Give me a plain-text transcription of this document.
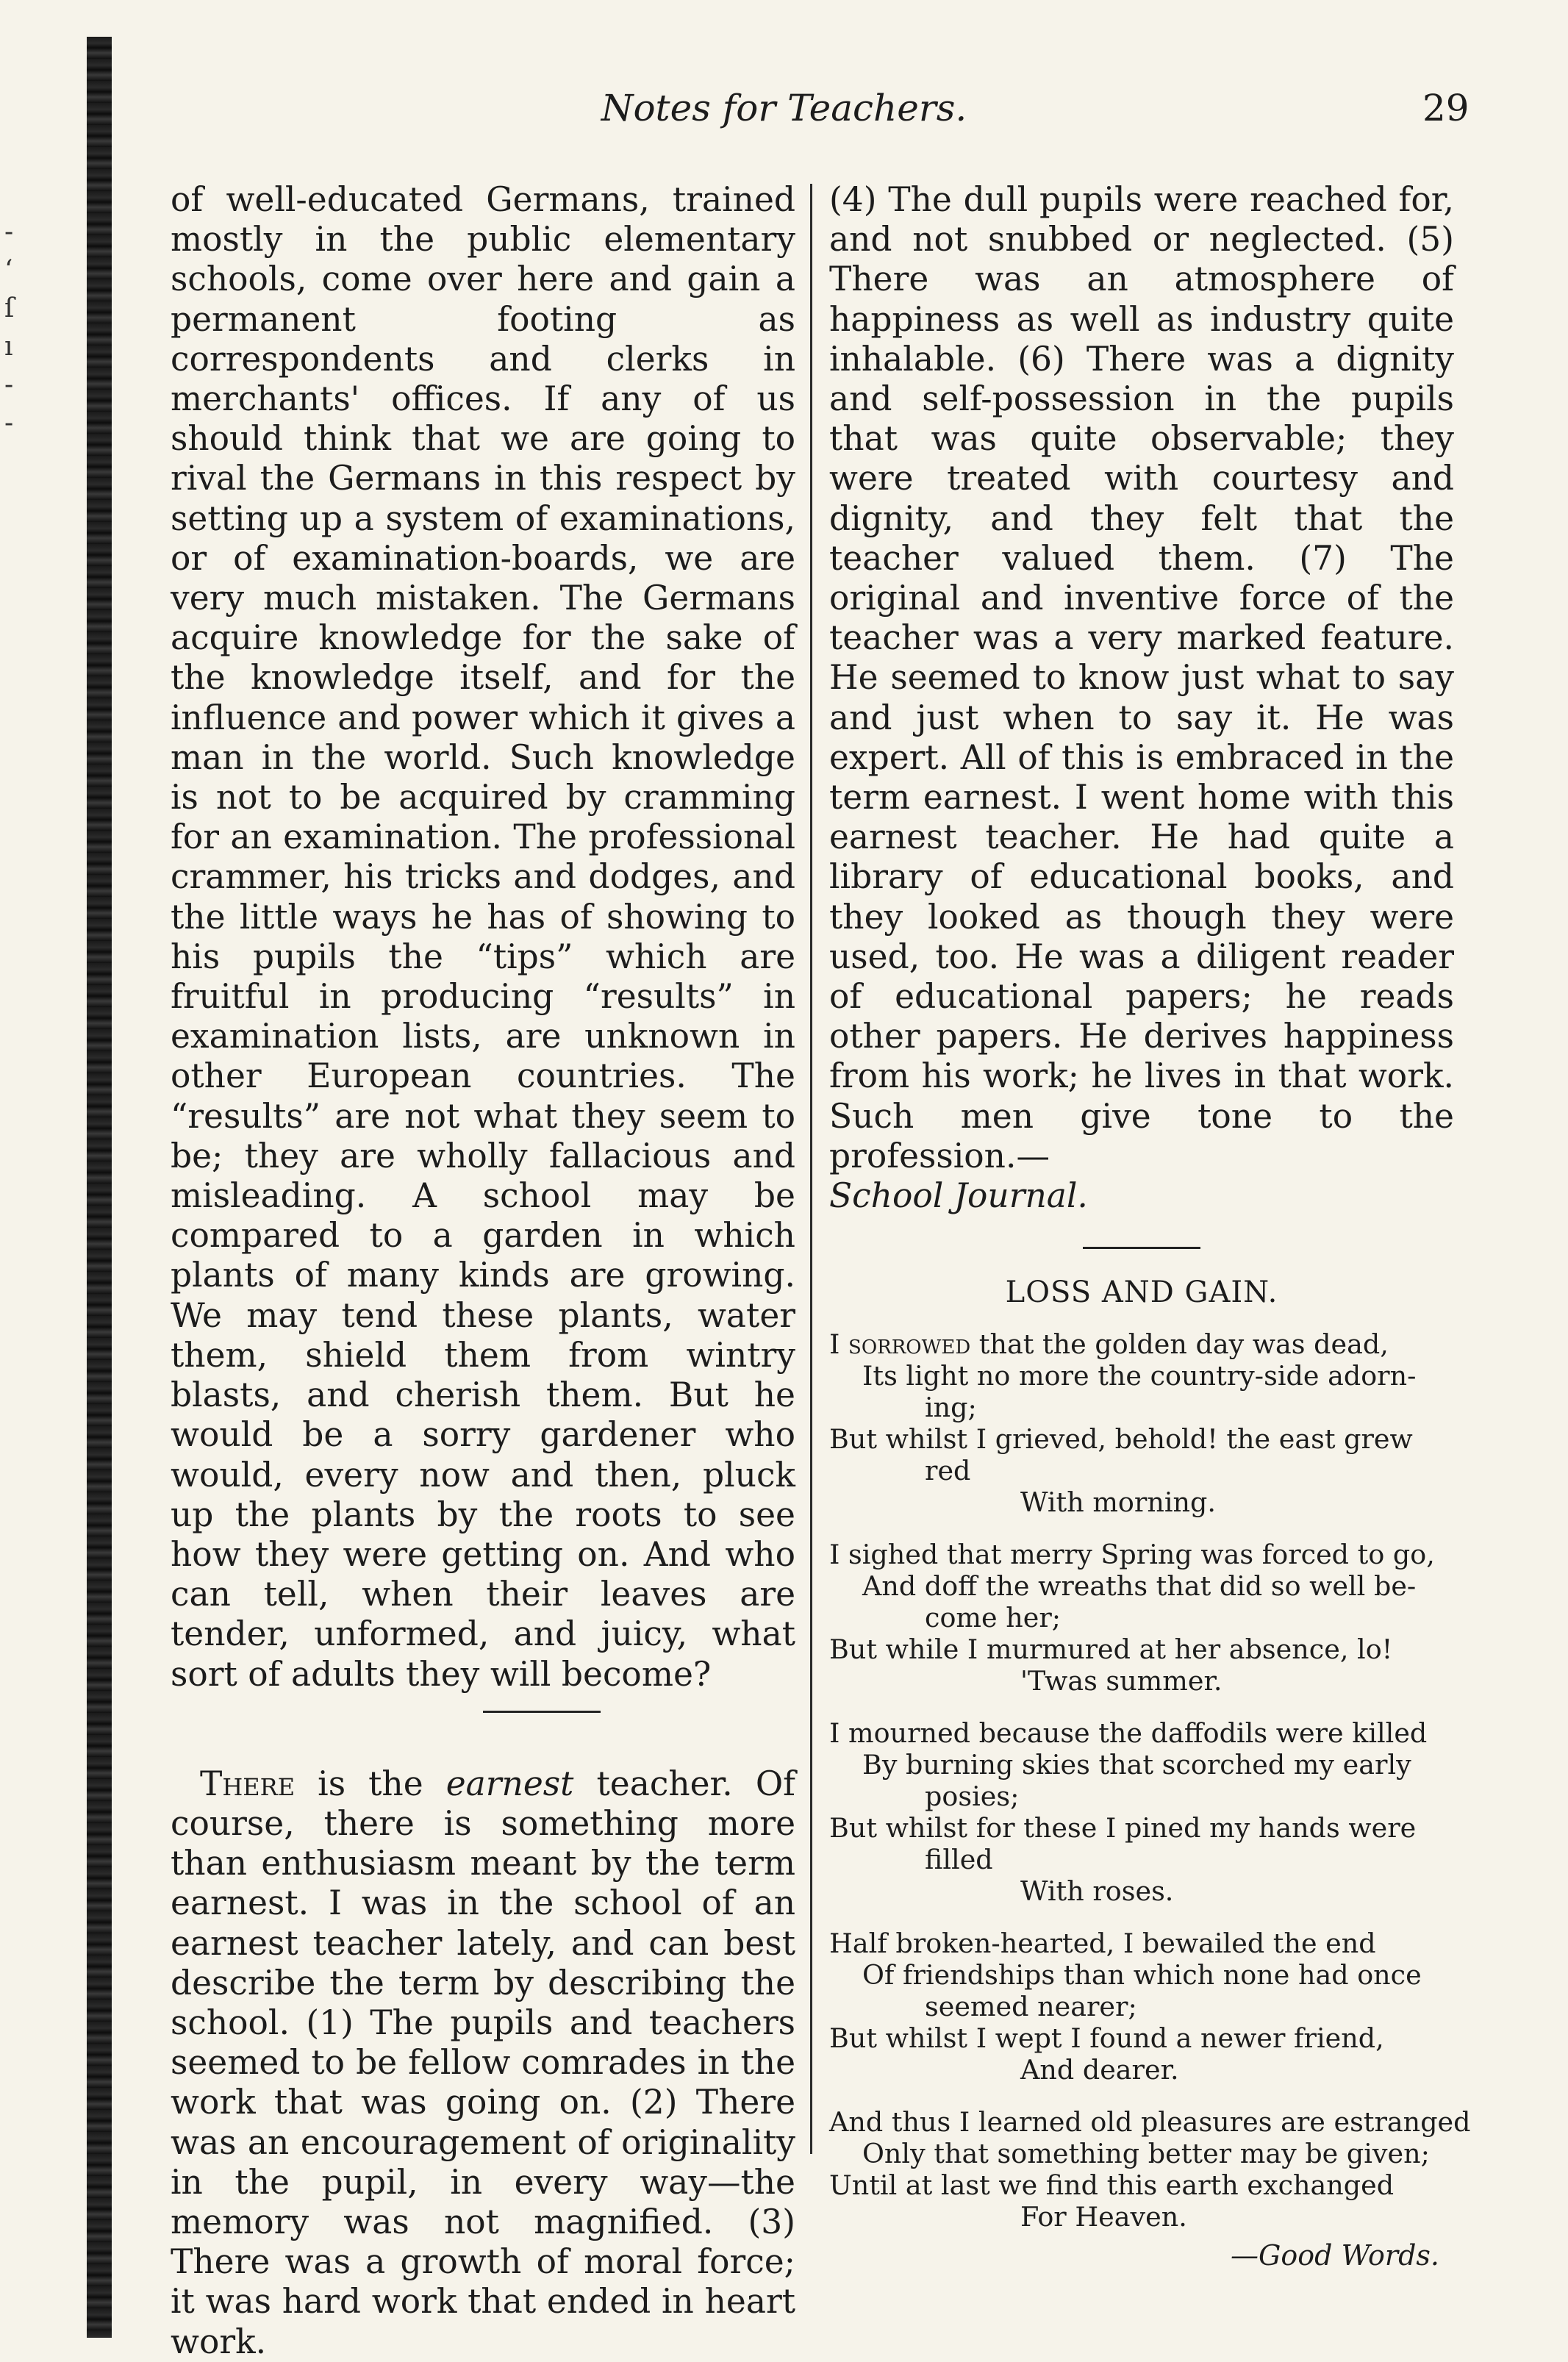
-
‘
ſ
ı
-
-
Notes for Teachers.	29

of well-educated Germans, trained mostly in the public elementary schools, come over here and gain a permanent footing as correspondents and clerks in merchants' offices. If any of us should think that we are going to rival the Germans in this respect by setting up a system of examinations, or of examination-boards, we are very much mistaken. The Germans acquire knowledge for the sake of the knowledge itself, and for the influence and power which it gives a man in the world. Such knowledge is not to be acquired by cramming for an examination. The professional crammer, his tricks and dodges, and the little ways he has of showing to his pupils the “tips” which are fruitful in producing “results” in examination lists, are unknown in other European countries. The “results” are not what they seem to be; they are wholly fallacious and misleading. A school may be compared to a garden in which plants of many kinds are growing. We may tend these plants, water them, shield them from wintry blasts, and cherish them. But he would be a sorry gardener who would, every now and then, pluck up the plants by the roots to see how they were getting on. And who can tell, when their leaves are tender, unformed, and juicy, what sort of adults they will become?

There is the earnest teacher. Of course, there is something more than enthusiasm meant by the term earnest. I was in the school of an earnest teacher lately, and can best describe the term by describing the school. (1) The pupils and teachers seemed to be fellow comrades in the work that was going on. (2) There was an encouragement of originality in the pupil, in every way—the memory was not magnified. (3) There was a growth of moral force; it was hard work that ended in heart work.

(4) The dull pupils were reached for, and not snubbed or neglected. (5) There was an atmosphere of happiness as well as industry quite inhalable. (6) There was a dignity and self-possession in the pupils that was quite observable; they were treated with courtesy and dignity, and they felt that the teacher valued them. (7) The original and inventive force of the teacher was a very marked feature. He seemed to know just what to say and just when to say it. He was expert. All of this is embraced in the term earnest. I went home with this earnest teacher. He had quite a library of educational books, and they looked as though they were used, too. He was a diligent reader of educational papers; he reads other papers. He derives happiness from his work; he lives in that work. Such men give tone to the profession.—
School Journal.

LOSS AND GAIN.
I sorrowed that the golden day was dead,
Its light no more the country-side adorn-
ing;
But whilst I grieved, behold! the east grew
red
With morning.
I sighed that merry Spring was forced to go,
And doff the wreaths that did so well be-
come her;
But while I murmured at her absence, lo!
'Twas summer.
I mourned because the daffodils were killed
By burning skies that scorched my early
posies;
But whilst for these I pined my hands were
filled
With roses.
Half broken-hearted, I bewailed the end
Of friendships than which none had once
seemed nearer;
But whilst I wept I found a newer friend,
And dearer.
And thus I learned old pleasures are estranged
Only that something better may be given;
Until at last we find this earth exchanged
For Heaven.
—Good Words.
